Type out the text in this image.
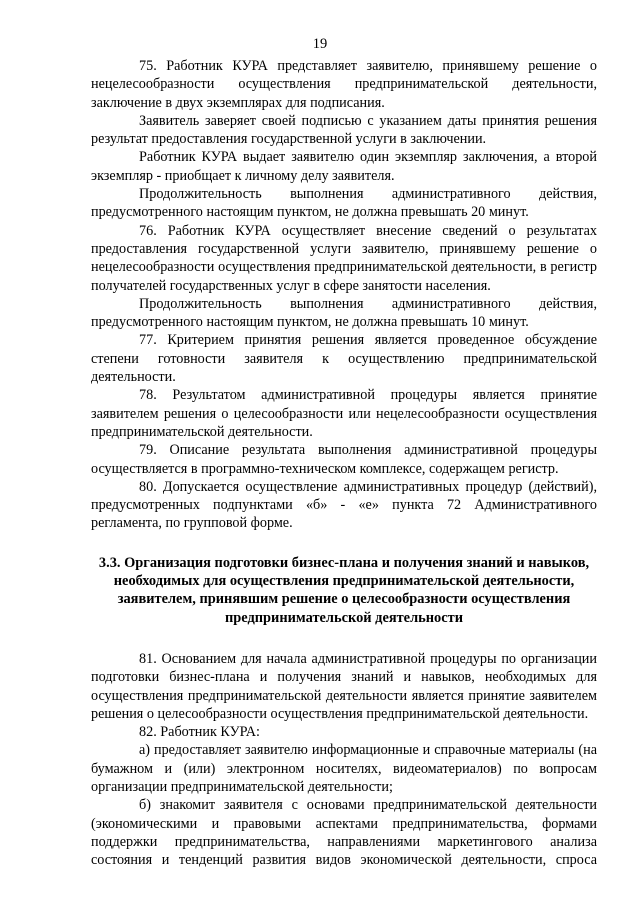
19

75. Работник КУРА представляет заявителю, принявшему решение о нецелесообразности осуществления предпринимательской деятельности, заключение в двух экземплярах для подписания.

Заявитель заверяет своей подписью с указанием даты принятия решения результат предоставления государственной услуги в заключении.

Работник КУРА выдает заявителю один экземпляр заключения, а второй экземпляр - приобщает к личному делу заявителя.

Продолжительность выполнения административного действия, предусмотренного настоящим пунктом, не должна превышать 20 минут.

76. Работник КУРА осуществляет внесение сведений о результатах предоставления государственной услуги заявителю, принявшему решение о нецелесообразности осуществления предпринимательской деятельности, в регистр получателей государственных услуг в сфере занятости населения.

Продолжительность выполнения административного действия, предусмотренного настоящим пунктом, не должна превышать 10 минут.

77. Критерием принятия решения является проведенное обсуждение степени готовности заявителя к осуществлению предпринимательской деятельности.

78. Результатом административной процедуры является принятие заявителем решения о целесообразности или нецелесообразности осуществления предпринимательской деятельности.

79. Описание результата выполнения административной процедуры осуществляется в программно-техническом комплексе, содержащем регистр.

80. Допускается осуществление административных процедур (действий), предусмотренных подпунктами «б» - «е» пункта 72 Административного регламента, по групповой форме.

3.3. Организация подготовки бизнес-плана и получения знаний и навыков, необходимых для осуществления предпринимательской деятельности, заявителем, принявшим решение о целесообразности осуществления предпринимательской деятельности

81. Основанием для начала административной процедуры по организации подготовки бизнес-плана и получения знаний и навыков, необходимых для осуществления предпринимательской деятельности является принятие заявителем решения о целесообразности осуществления предпринимательской деятельности.

82. Работник КУРА:

а) предоставляет заявителю информационные и справочные материалы (на бумажном и (или) электронном носителях, видеоматериалов) по вопросам организации предпринимательской деятельности;

б) знакомит заявителя с основами предпринимательской деятельности (экономическими и правовыми аспектами предпринимательства, формами поддержки предпринимательства, направлениями маркетингового анализа состояния и тенденций развития видов экономической деятельности, спроса
